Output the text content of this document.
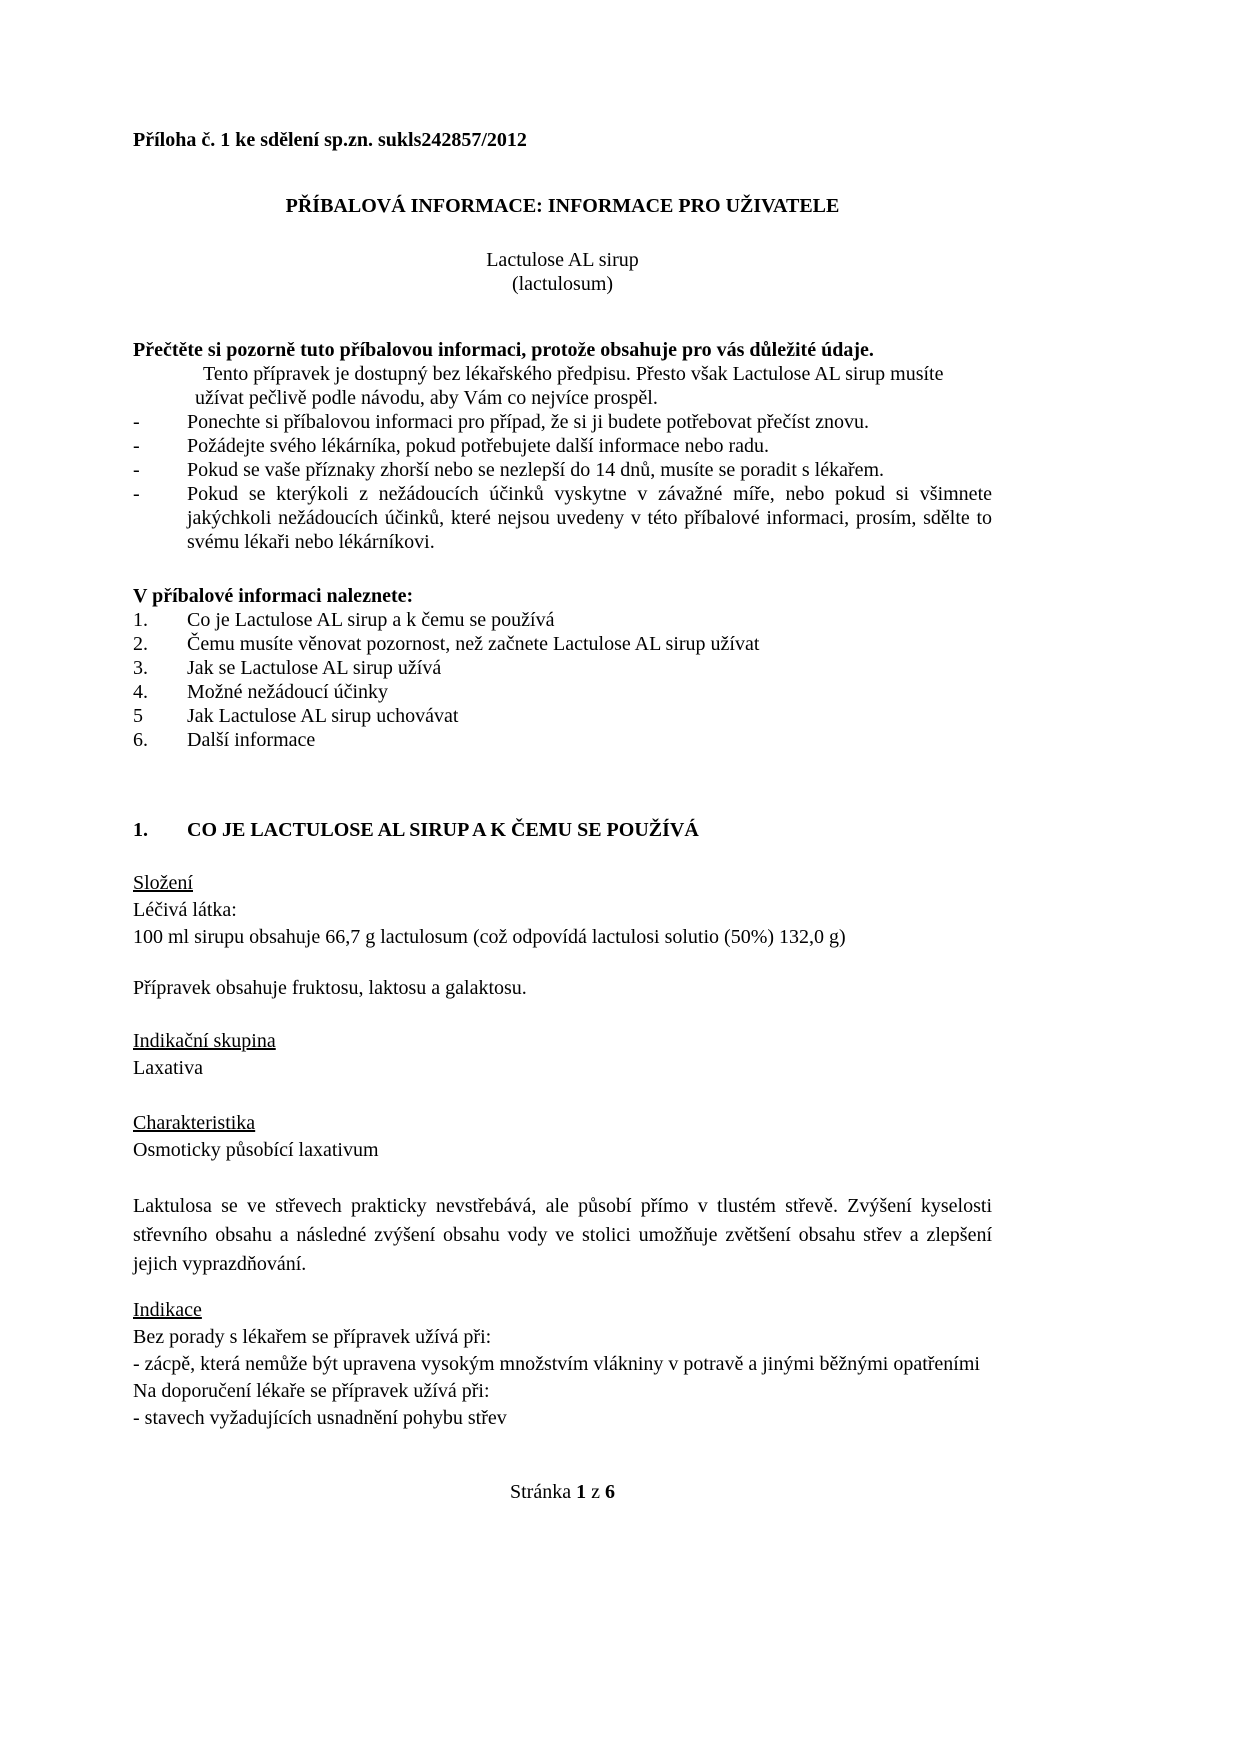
Příloha č. 1 ke sdělení sp.zn. sukls242857/2012
PŘÍBALOVÁ INFORMACE: INFORMACE PRO UŽIVATELE
Lactulose AL sirup
(lactulosum)
Přečtěte si pozorně tuto příbalovou informaci, protože obsahuje pro vás důležité údaje.
Tento přípravek je dostupný bez lékařského předpisu. Přesto však Lactulose AL sirup musíte užívat pečlivě podle návodu, aby Vám co nejvíce prospěl.
-	Ponechte si příbalovou informaci pro případ, že si ji budete potřebovat přečíst znovu.
-	Požádejte svého lékárníka, pokud potřebujete další informace nebo radu.
-	Pokud se vaše příznaky zhorší nebo se nezlepší do 14 dnů, musíte se poradit s lékařem.
-	Pokud se kterýkoli z nežádoucích účinků vyskytne v závažné míře, nebo pokud si všimnete jakýchkoli nežádoucích účinků, které nejsou uvedeny v této příbalové informaci, prosím, sdělte to svému lékaři nebo lékárníkovi.
V příbalové informaci naleznete:
1.	Co je Lactulose AL sirup a k čemu se používá
2.	Čemu musíte věnovat pozornost, než začnete Lactulose AL sirup užívat
3.	Jak se Lactulose AL sirup užívá
4.	Možné nežádoucí účinky
5	Jak Lactulose AL sirup uchovávat
6.	Další informace
1.	CO JE LACTULOSE AL SIRUP A K ČEMU SE POUŽÍVÁ
Složení
Léčivá látka:
100 ml sirupu obsahuje 66,7 g lactulosum (což odpovídá lactulosi solutio (50%) 132,0 g)
Přípravek obsahuje fruktosu, laktosu a galaktosu.
Indikační skupina
Laxativa
Charakteristika
Osmoticky působící laxativum
Laktulosa se ve střevech prakticky nevstřebává, ale působí přímo v tlustém střevě. Zvýšení kyselosti střevního obsahu a následné zvýšení obsahu vody ve stolici umožňuje zvětšení obsahu střev a zlepšení jejich vyprazdňování.
Indikace
Bez porady s lékařem se přípravek užívá při:
- zácpě, která nemůže být upravena vysokým množstvím vlákniny v potravě a jinými běžnými opatřeními
Na doporučení lékaře se přípravek užívá při:
- stavech vyžadujících usnadnění pohybu střev
Stránka 1 z 6
